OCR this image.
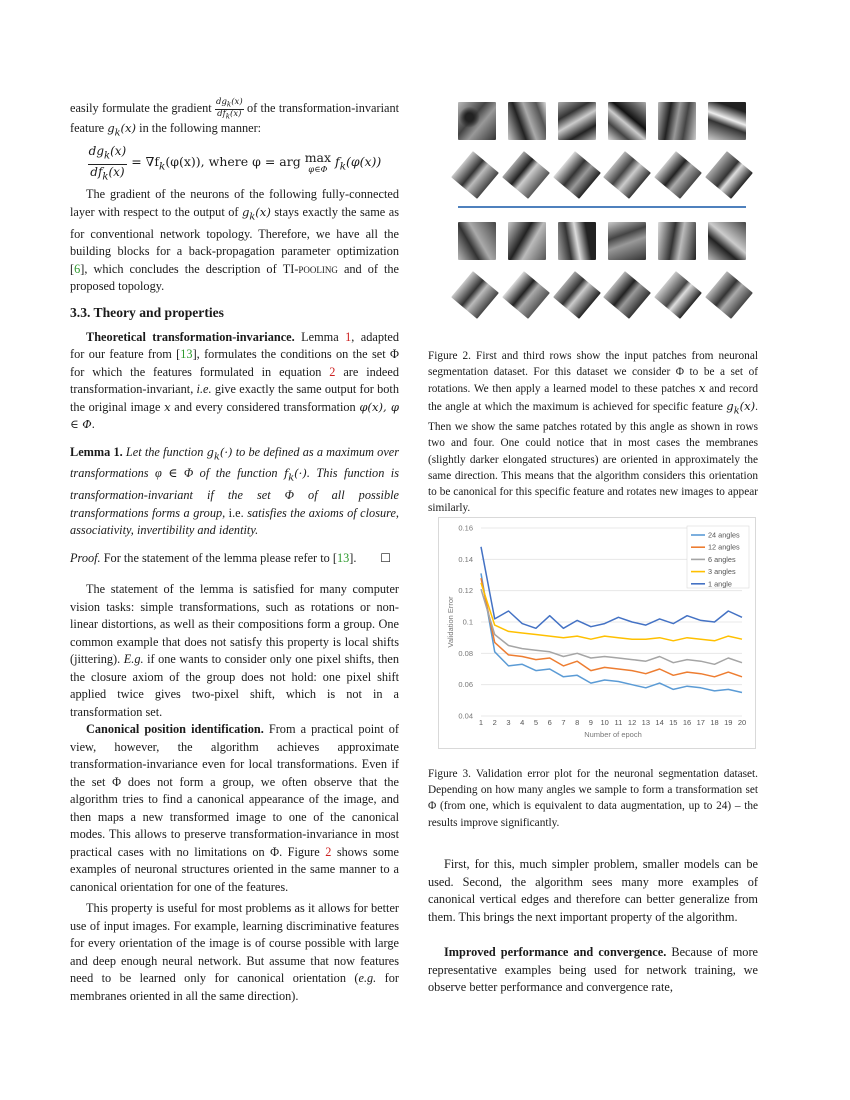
easily formulate the gradient $\frac{dg_k(x)}{df_k(x)}$ of the transformation-invariant feature $g_k(x)$ in the following manner:

$\frac{dg_k(x)}{df_k(x)}$
= $\nabla f_k(\varphi(x))$, where φ = arg
max
φ∈Φ

$f_k(\varphi(x))$

The gradient of the neurons of the following fully-connected layer with respect to the output of $g_k(x)$ stays exactly the same as for conventional network topology. Therefore, we have all the building blocks for a back-propagation parameter optimization [6], which concludes the description of TI-pooling and of the proposed topology.

3.3. Theory and properties

Theoretical transformation-invariance. Lemma 1, adapted for our feature from [13], formulates the conditions on the set Φ for which the features formulated in equation 2 are indeed transformation-invariant, i.e. give exactly the same output for both the original image x and every considered transformation φ(x), φ ∈ Φ.

Lemma 1. Let the function $g_k(\cdot)$ to be defined as a maximum over transformations φ ∈ Φ of the function $f_k(\cdot)$. This function is transformation-invariant if the set Φ of all possible transformations forms a group, i.e. satisfies the axioms of closure, associativity, invertibility and identity.

Proof. For the statement of the lemma please refer to [13]. ☐

The statement of the lemma is satisfied for many computer vision tasks: simple transformations, such as rotations or non-linear distortions, as well as their compositions form a group. One common example that does not satisfy this property is local shifts (jittering). E.g. if one wants to consider only one pixel shifts, then the closure axiom of the group does not hold: one pixel shift applied twice gives two-pixel shift, which is not in a transformation set.

Canonical position identification. From a practical point of view, however, the algorithm achieves approximate transformation-invariance even for local transformations. Even if the set Φ does not form a group, we often observe that the algorithm tries to find a canonical appearance of the image, and then maps a new transformed image to one of the canonical modes. This allows to preserve transformation-invariance in most practical cases with no limitations on Φ. Figure 2 shows some examples of neuronal structures oriented in the same manner to a canonical orientation for one of the features.

This property is useful for most problems as it allows for better use of input images. For example, learning discriminative features for every orientation of the image is of course possible with large and deep enough neural network. But assume that now features need to be learned only for canonical orientation (e.g. for membranes oriented in all the same direction).

Figure 2. First and third rows show the input patches from neuronal segmentation dataset. For this dataset we consider Φ to be a set of rotations. We then apply a learned model to these patches x and record the angle at which the maximum is achieved for specific feature $g_k(x)$. Then we show the same patches rotated by this angle as shown in rows two and four. One could notice that in most cases the membranes (slightly darker elongated structures) are oriented in approximately the same direction. This means that the algorithm considers this orientation to be canonical for this specific feature and rotates new images to appear similarly.

Figure 3. Validation error plot for the neuronal segmentation dataset. Depending on how many angles we sample to form a transformation set Φ (from one, which is equivalent to data augmentation, up to 24) – the results improve significantly.

First, for this, much simpler problem, smaller models can be used. Second, the algorithm sees many more examples of canonical vertical edges and therefore can better generalize from them. This brings the next important property of the algorithm.

Improved performance and convergence. Because of more representative examples being used for network training, we observe better performance and convergence rate,

0.04
0.06
0.08
0.1
0.12
0.14
0.16
1 2 3 4 5 6 7 8 9 10 11 12 13 14 15 16 17 18 19 20
Validation Error
Number of epoch
24 angles
12 angles
6 angles
3 angles
1 angle
